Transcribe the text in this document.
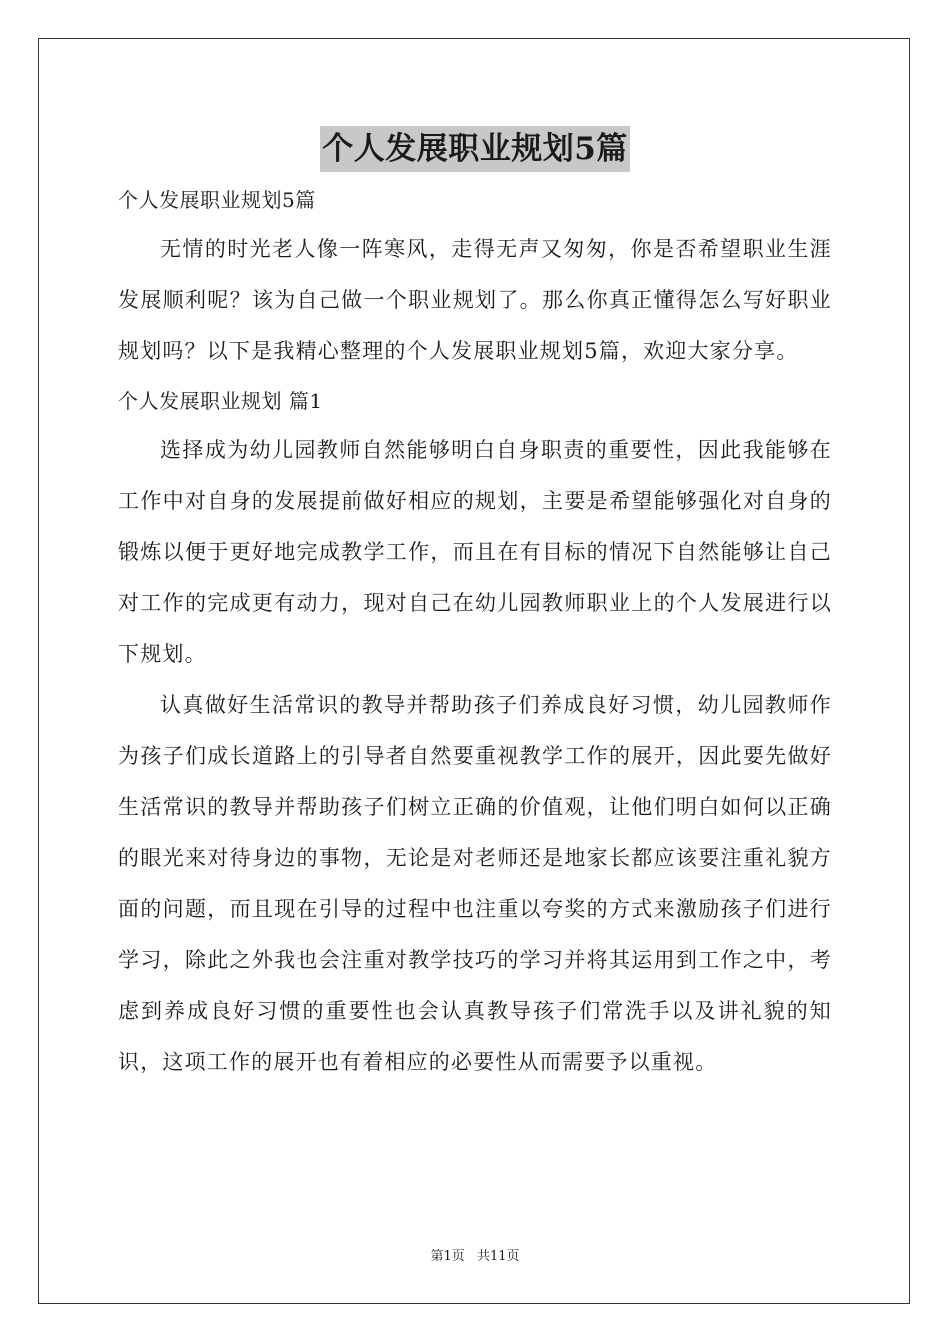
个人发展职业规划5篇

个人发展职业规划5篇

无情的时光老人像一阵寒风，走得无声又匆匆，你是否希望职业生涯发展顺利呢？该为自己做一个职业规划了。那么你真正懂得怎么写好职业规划吗？以下是我精心整理的个人发展职业规划5篇，欢迎大家分享。

个人发展职业规划 篇1

选择成为幼儿园教师自然能够明白自身职责的重要性，因此我能够在工作中对自身的发展提前做好相应的规划，主要是希望能够强化对自身的锻炼以便于更好地完成教学工作，而且在有目标的情况下自然能够让自己对工作的完成更有动力，现对自己在幼儿园教师职业上的个人发展进行以下规划。

认真做好生活常识的教导并帮助孩子们养成良好习惯，幼儿园教师作为孩子们成长道路上的引导者自然要重视教学工作的展开，因此要先做好生活常识的教导并帮助孩子们树立正确的价值观，让他们明白如何以正确的眼光来对待身边的事物，无论是对老师还是地家长都应该要注重礼貌方面的问题，而且现在引导的过程中也注重以夸奖的方式来激励孩子们进行学习，除此之外我也会注重对教学技巧的学习并将其运用到工作之中，考虑到养成良好习惯的重要性也会认真教导孩子们常洗手以及讲礼貌的知识，这项工作的展开也有着相应的必要性从而需要予以重视。

第1页 共11页
